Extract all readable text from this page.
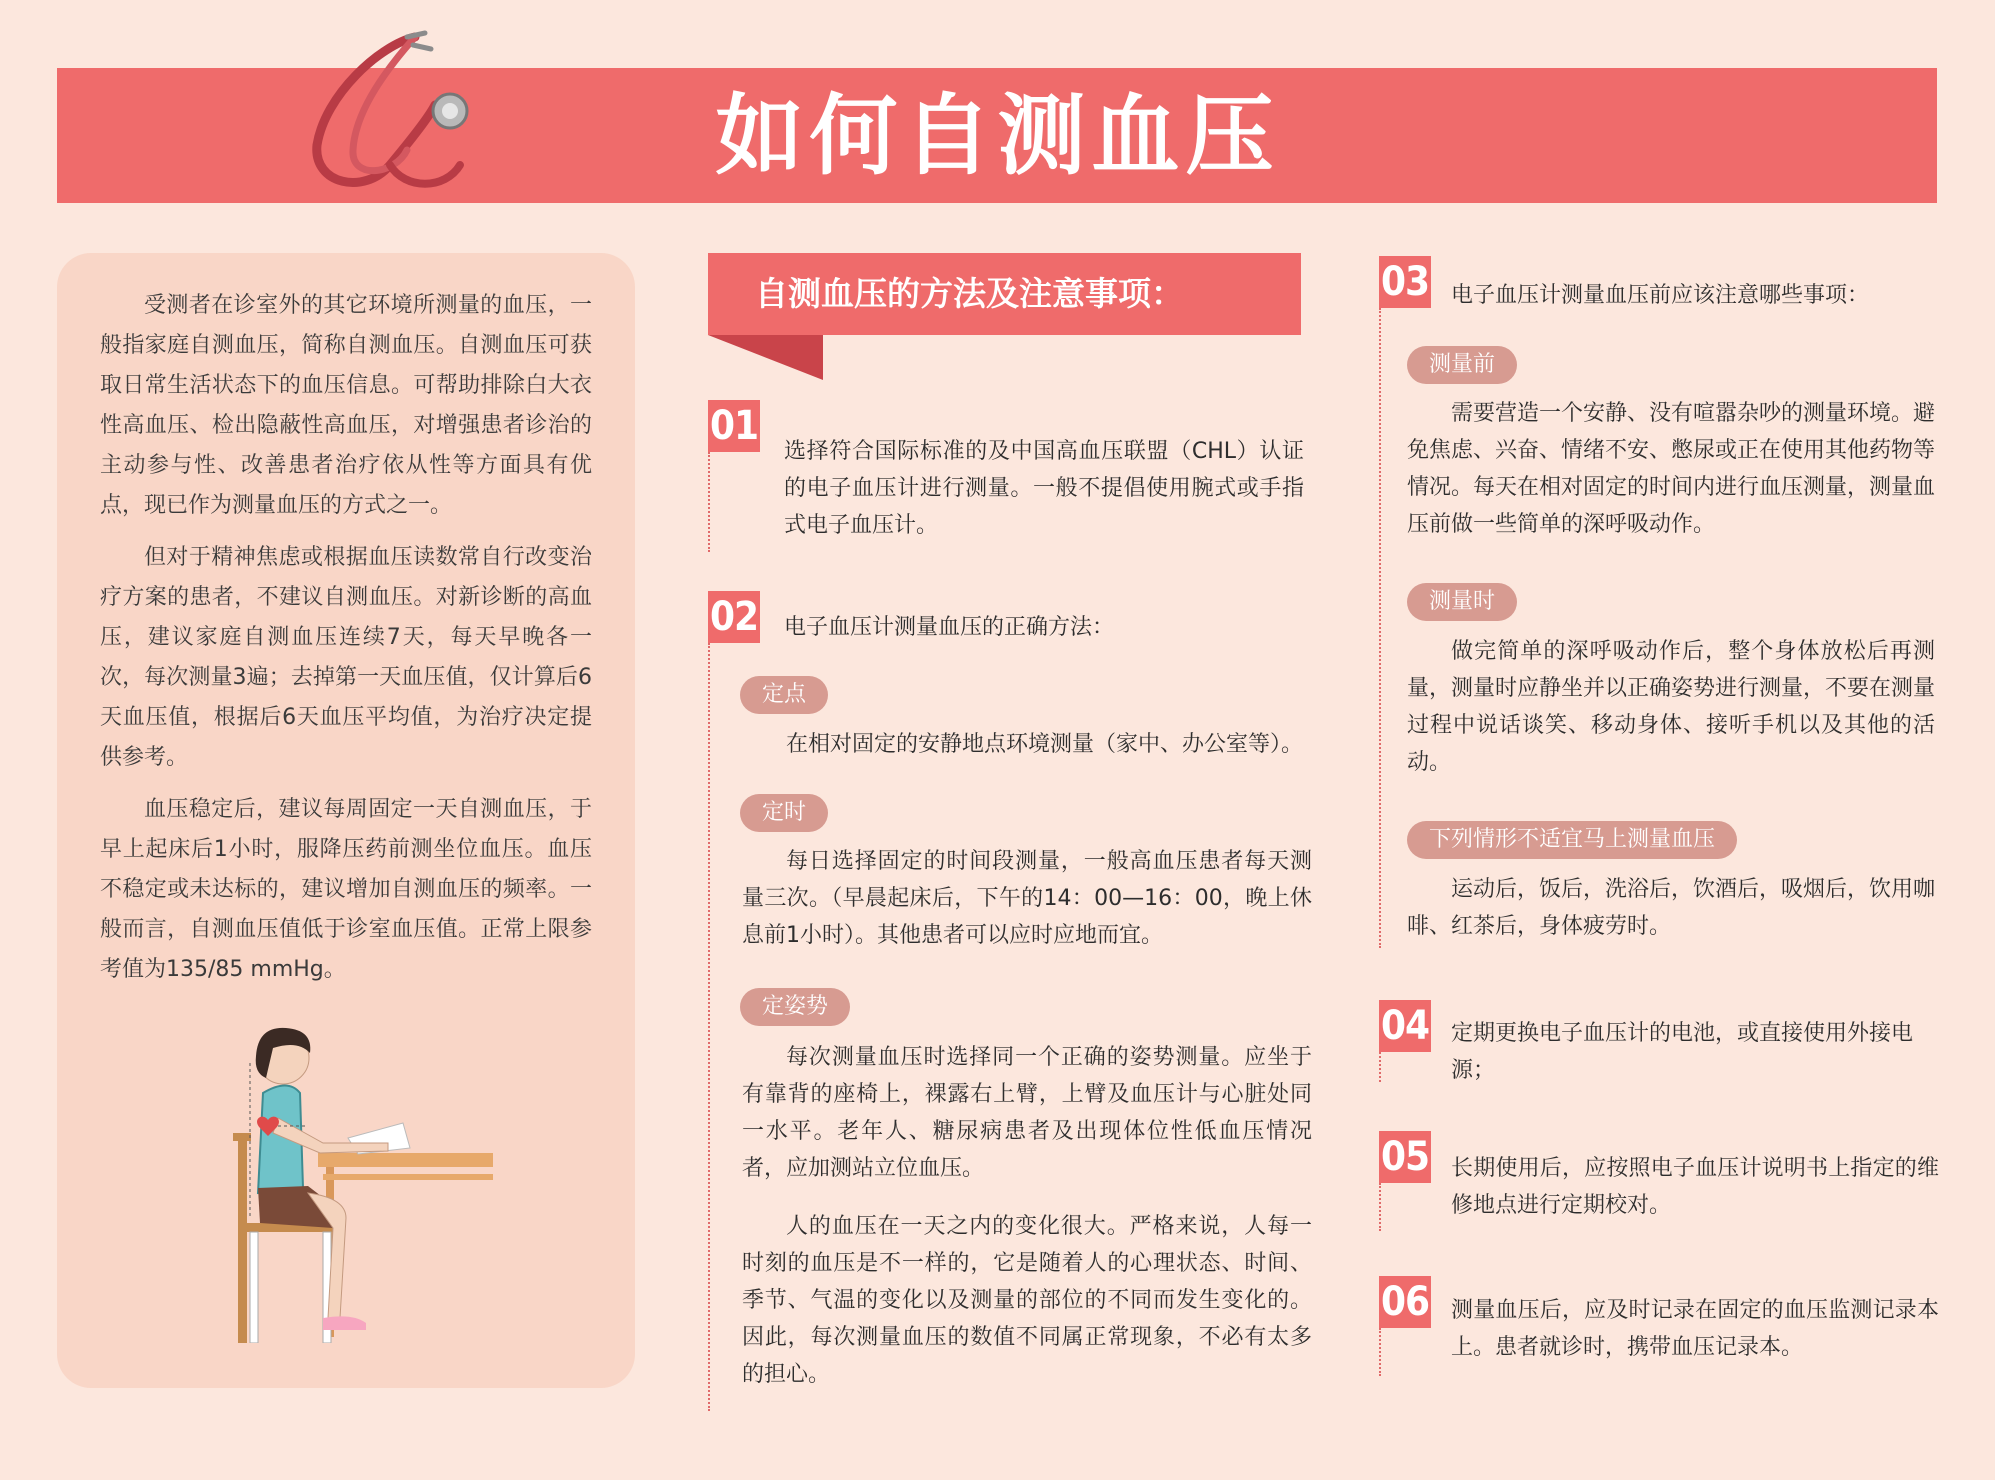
如何自测血压

受测者在诊室外的其它环境所测量的血压，一般指家庭自测血压，简称自测血压。自测血压可获取日常生活状态下的血压信息。可帮助排除白大衣性高血压、检出隐蔽性高血压，对增强患者诊治的主动参与性、改善患者治疗依从性等方面具有优点，现已作为测量血压的方式之一。

但对于精神焦虑或根据血压读数常自行改变治疗方案的患者，不建议自测血压。对新诊断的高血压，建议家庭自测血压连续7天，每天早晚各一次，每次测量3遍；去掉第一天血压值，仅计算后6天血压值，根据后6天血压平均值，为治疗决定提供参考。

血压稳定后，建议每周固定一天自测血压，于早上起床后1小时，服降压药前测坐位血压。血压不稳定或未达标的，建议增加自测血压的频率。一般而言，自测血压值低于诊室血压值。正常上限参考值为135/85 mmHg。

自测血压的方法及注意事项：
01
选择符合国际标准的及中国高血压联盟（CHL）认证的电子血压计进行测量。一般不提倡使用腕式或手指式电子血压计。
02 电子血压计测量血压的正确方法：
定点

在相对固定的安静地点环境测量（家中、办公室等）。

定时

每日选择固定的时间段测量，一般高血压患者每天测量三次。（早晨起床后，下午的14：00—16：00，晚上休息前1小时）。其他患者可以应时应地而宜。

定姿势

每次测量血压时选择同一个正确的姿势测量。应坐于有靠背的座椅上，裸露右上臂，上臂及血压计与心脏处同一水平。老年人、糖尿病患者及出现体位性低血压情况者，应加测站立位血压。

人的血压在一天之内的变化很大。严格来说，人每一时刻的血压是不一样的，它是随着人的心理状态、时间、季节、气温的变化以及测量的部位的不同而发生变化的。因此，每次测量血压的数值不同属正常现象，不必有太多的担心。

03 电子血压计测量血压前应该注意哪些事项：
测量前

需要营造一个安静、没有喧嚣杂吵的测量环境。避免焦虑、兴奋、情绪不安、憋尿或正在使用其他药物等情况。每天在相对固定的时间内进行血压测量，测量血压前做一些简单的深呼吸动作。

测量时

做完简单的深呼吸动作后，整个身体放松后再测量，测量时应静坐并以正确姿势进行测量，不要在测量过程中说话谈笑、移动身体、接听手机以及其他的活动。

下列情形不适宜马上测量血压

运动后，饭后，洗浴后，饮酒后，吸烟后，饮用咖啡、红茶后，身体疲劳时。

04 定期更换电子血压计的电池，或直接使用外接电源；
05 长期使用后，应按照电子血压计说明书上指定的维修地点进行定期校对。
06 测量血压后，应及时记录在固定的血压监测记录本上。患者就诊时，携带血压记录本。
